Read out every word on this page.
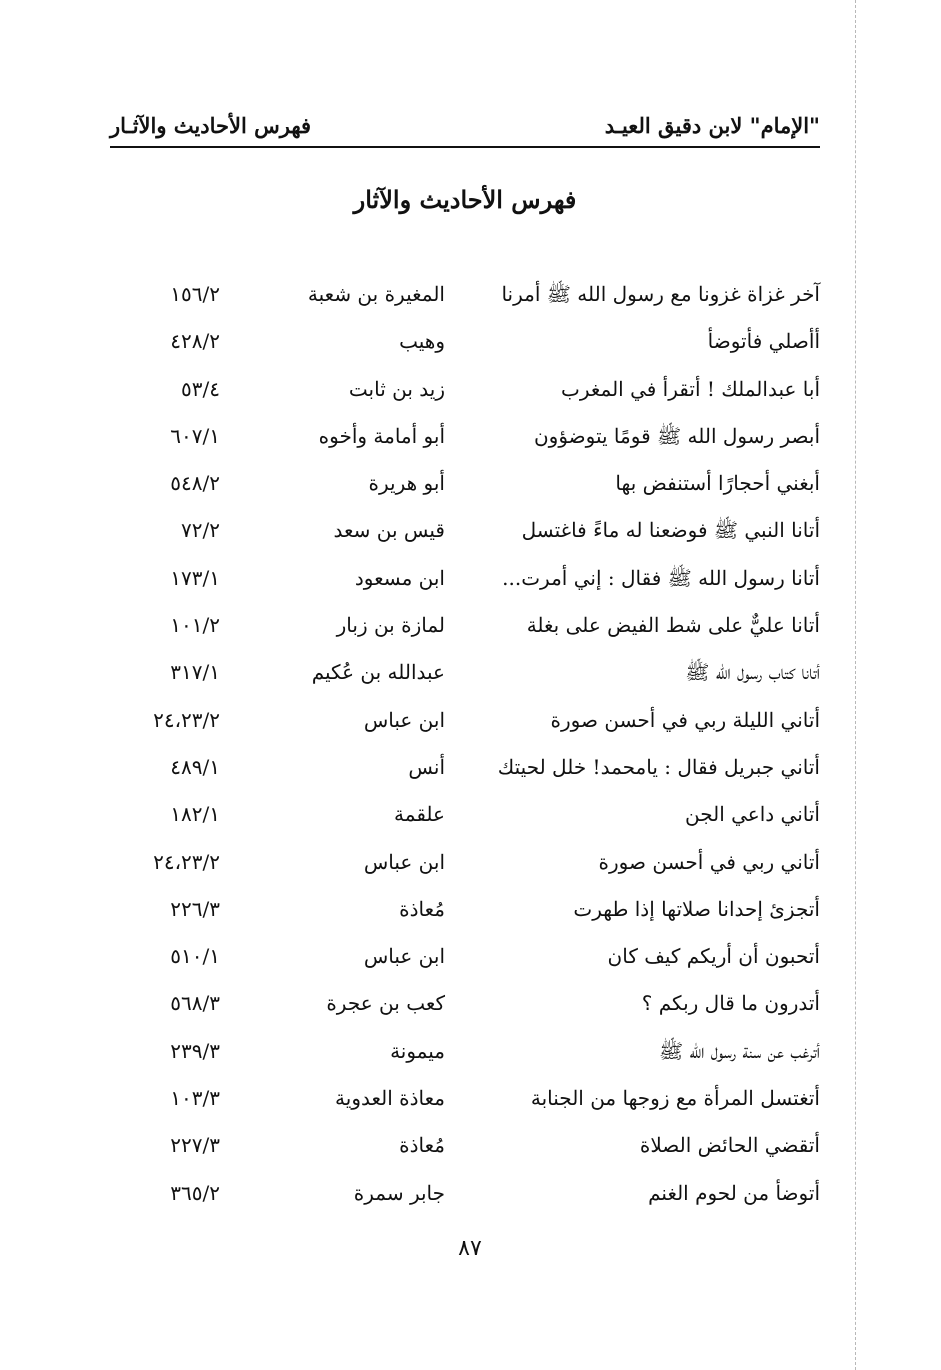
"الإمام" لابن دقيق العيـد
فهرس الأحاديث والآثـار
فهرس الأحاديث والآثار
آخر غزاة غزونا مع رسول الله ﷺ أمرنا
المغيرة بن شعبة
١٥٦/٢
أأصلي فأتوضأ
وهيب
٤٢٨/٢
أبا عبدالملك ! أتقرأ في المغرب
زيد بن ثابت
٥٣/٤
أبصر رسول الله ﷺ قومًا يتوضؤون
أبو أمامة وأخوه
٦٠٧/١
أبغني أحجارًا أستنفض بها
أبو هريرة
٥٤٨/٢
أتانا النبي ﷺ فوضعنا له ماءً فاغتسل
قيس بن سعد
٧٢/٢
أتانا رسول الله ﷺ فقال : إني أمرت...
ابن مسعود
١٧٣/١
أتانا عليٌّ على شط الفيض على بغلة
لمازة بن زبار
١٠١/٢
أتانا كتاب رسول الله ﷺ
عبدالله بن عُكيم
٣١٧/١
أتاني الليلة ربي في أحسن صورة
ابن عباس
٢٤،٢٣/٢
أتاني جبريل فقال : يامحمد! خلل لحيتك
أنس
٤٨٩/١
أتاني داعي الجن
علقمة
١٨٢/١
أتاني ربي في أحسن صورة
ابن عباس
٢٤،٢٣/٢
أتجزئ إحدانا صلاتها إذا طهرت
مُعاذة
٢٢٦/٣
أتحبون أن أريكم كيف كان
ابن عباس
٥١٠/١
أتدرون ما قال ربكم ؟
كعب بن عجرة
٥٦٨/٣
أترغب عن سنة رسول الله ﷺ
ميمونة
٢٣٩/٣
أتغتسل المرأة مع زوجها من الجنابة
معاذة العدوية
١٠٣/٣
أتقضي الحائض الصلاة
مُعاذة
٢٢٧/٣
أتوضأ من لحوم الغنم
جابر سمرة
٣٦٥/٢
٨٧
